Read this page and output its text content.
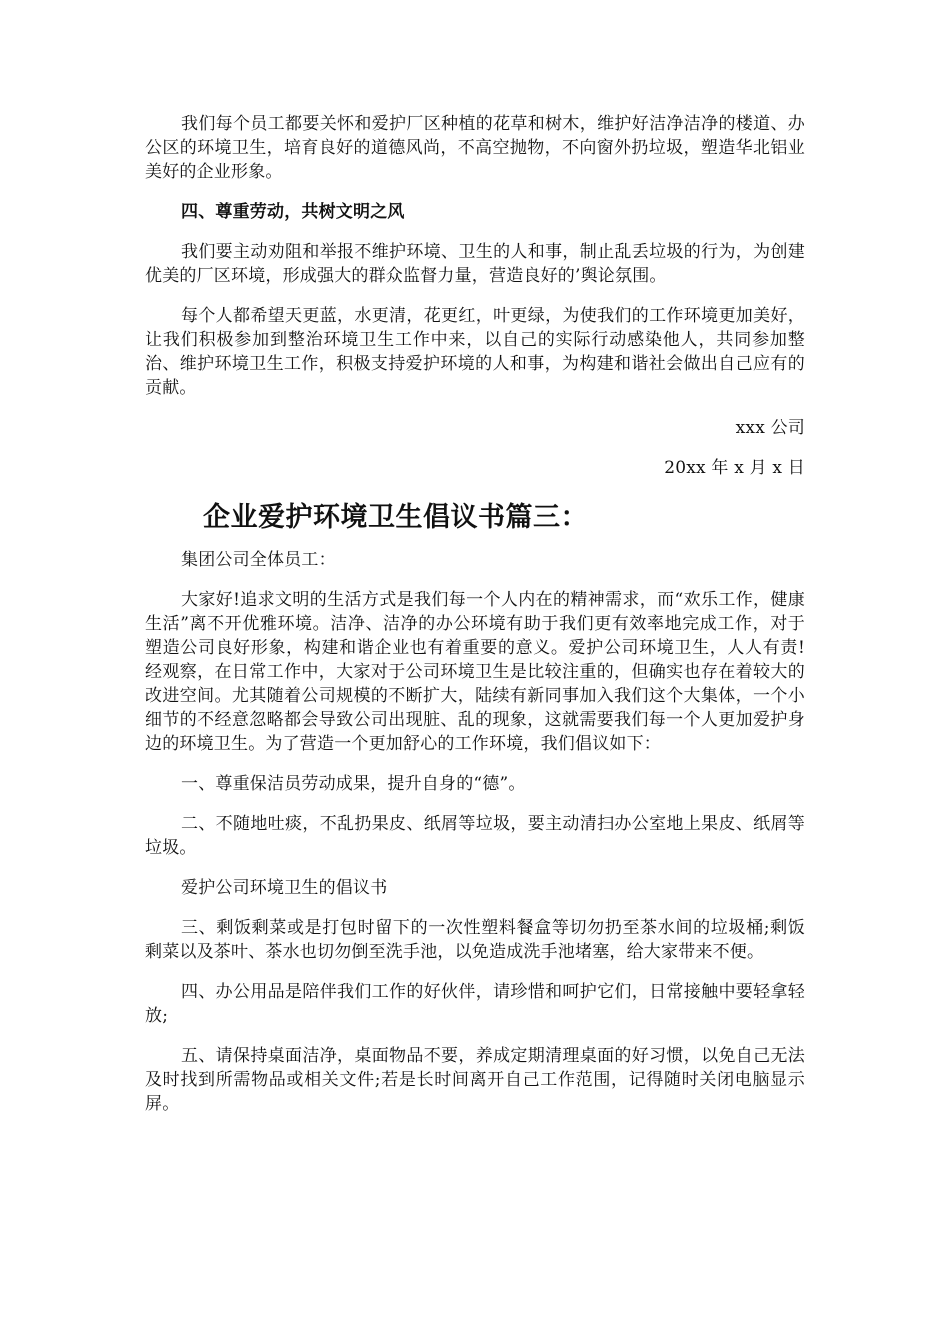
我们每个员工都要关怀和爱护厂区种植的花草和树木，维护好洁净洁净的楼道、办公区的环境卫生，培育良好的道德风尚，不高空抛物，不向窗外扔垃圾，塑造华北铝业美好的企业形象。

四、尊重劳动，共树文明之风

我们要主动劝阻和举报不维护环境、卫生的人和事，制止乱丢垃圾的行为，为创建优美的厂区环境，形成强大的群众监督力量，营造良好的’舆论氛围。

每个人都希望天更蓝，水更清，花更红，叶更绿，为使我们的工作环境更加美好，让我们积极参加到整治环境卫生工作中来，以自己的实际行动感染他人，共同参加整治、维护环境卫生工作，积极支持爱护环境的人和事，为构建和谐社会做出自己应有的贡献。

xxx 公司

20xx 年 x 月 x 日

企业爱护环境卫生倡议书篇三：

集团公司全体员工：

大家好!追求文明的生活方式是我们每一个人内在的精神需求，而“欢乐工作，健康生活”离不开优雅环境。洁净、洁净的办公环境有助于我们更有效率地完成工作，对于塑造公司良好形象，构建和谐企业也有着重要的意义。爱护公司环境卫生，人人有责!经观察，在日常工作中，大家对于公司环境卫生是比较注重的，但确实也存在着较大的改进空间。尤其随着公司规模的不断扩大，陆续有新同事加入我们这个大集体，一个小细节的不经意忽略都会导致公司出现脏、乱的现象，这就需要我们每一个人更加爱护身边的环境卫生。为了营造一个更加舒心的工作环境，我们倡议如下：

一、尊重保洁员劳动成果，提升自身的“德”。

二、不随地吐痰，不乱扔果皮、纸屑等垃圾，要主动清扫办公室地上果皮、纸屑等垃圾。

爱护公司环境卫生的倡议书

三、剩饭剩菜或是打包时留下的一次性塑料餐盒等切勿扔至茶水间的垃圾桶;剩饭剩菜以及茶叶、茶水也切勿倒至洗手池，以免造成洗手池堵塞，给大家带来不便。

四、办公用品是陪伴我们工作的好伙伴，请珍惜和呵护它们，日常接触中要轻拿轻放;

五、请保持桌面洁净，桌面物品不要，养成定期清理桌面的好习惯，以免自己无法及时找到所需物品或相关文件;若是长时间离开自己工作范围，记得随时关闭电脑显示屏。
